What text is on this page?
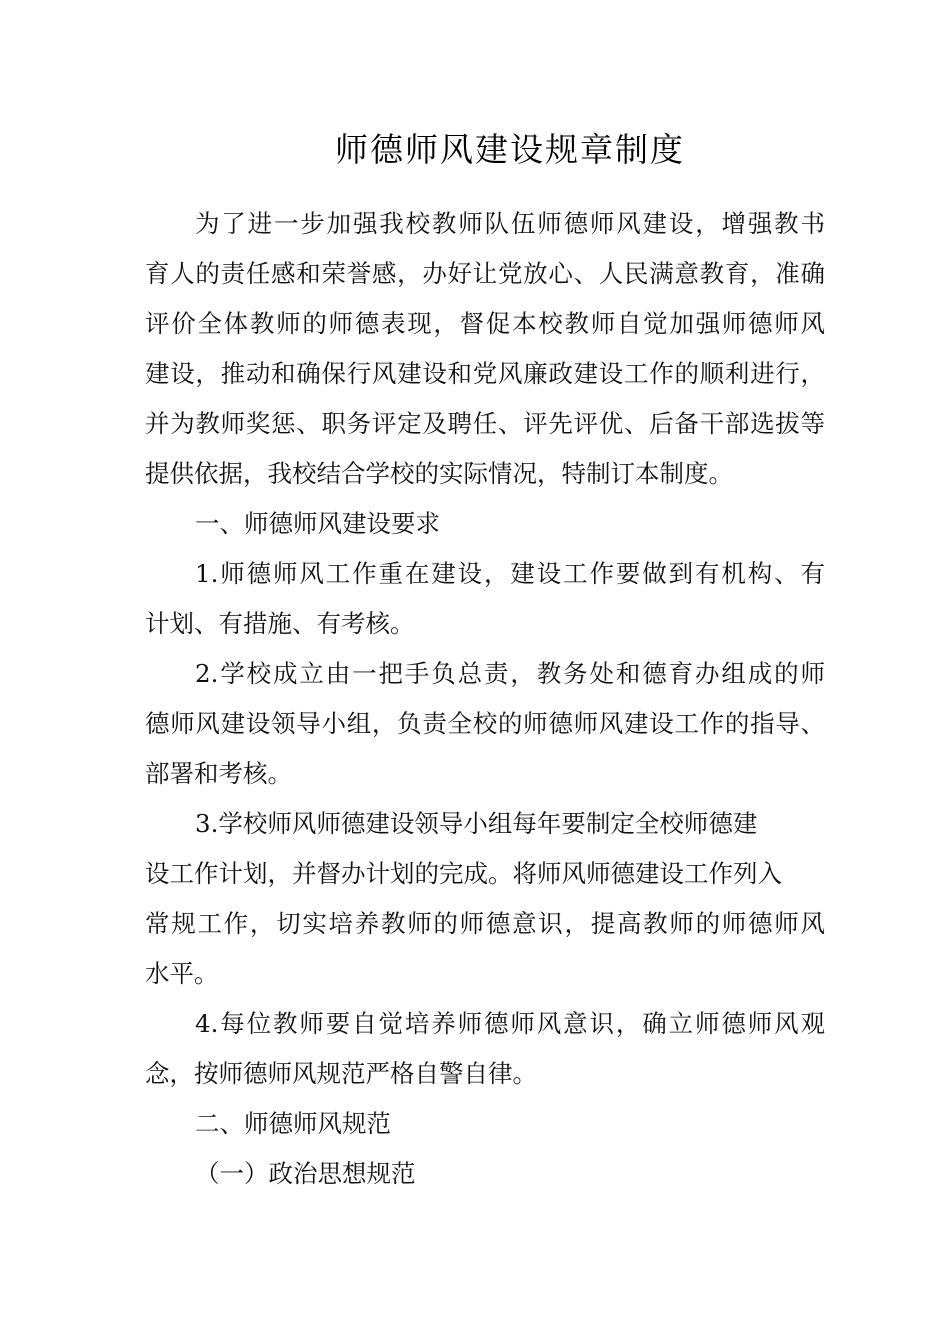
师德师风建设规章制度
为了进一步加强我校教师队伍师德师风建设，增强教书
育人的责任感和荣誉感，办好让党放心、人民满意教育，准确
评价全体教师的师德表现，督促本校教师自觉加强师德师风
建设，推动和确保行风建设和党风廉政建设工作的顺利进行，
并为教师奖惩、职务评定及聘任、评先评优、后备干部选拔等
提供依据，我校结合学校的实际情况，特制订本制度。
一、师德师风建设要求
1.师德师风工作重在建设，建设工作要做到有机构、有
计划、有措施、有考核。
2.学校成立由一把手负总责，教务处和德育办组成的师
德师风建设领导小组，负责全校的师德师风建设工作的指导、
部署和考核。
3.学校师风师德建设领导小组每年要制定全校师德建
设工作计划，并督办计划的完成。将师风师德建设工作列入
常规工作，切实培养教师的师德意识，提高教师的师德师风
水平。
4.每位教师要自觉培养师德师风意识，确立师德师风观
念，按师德师风规范严格自警自律。
二、师德师风规范
（一）政治思想规范
